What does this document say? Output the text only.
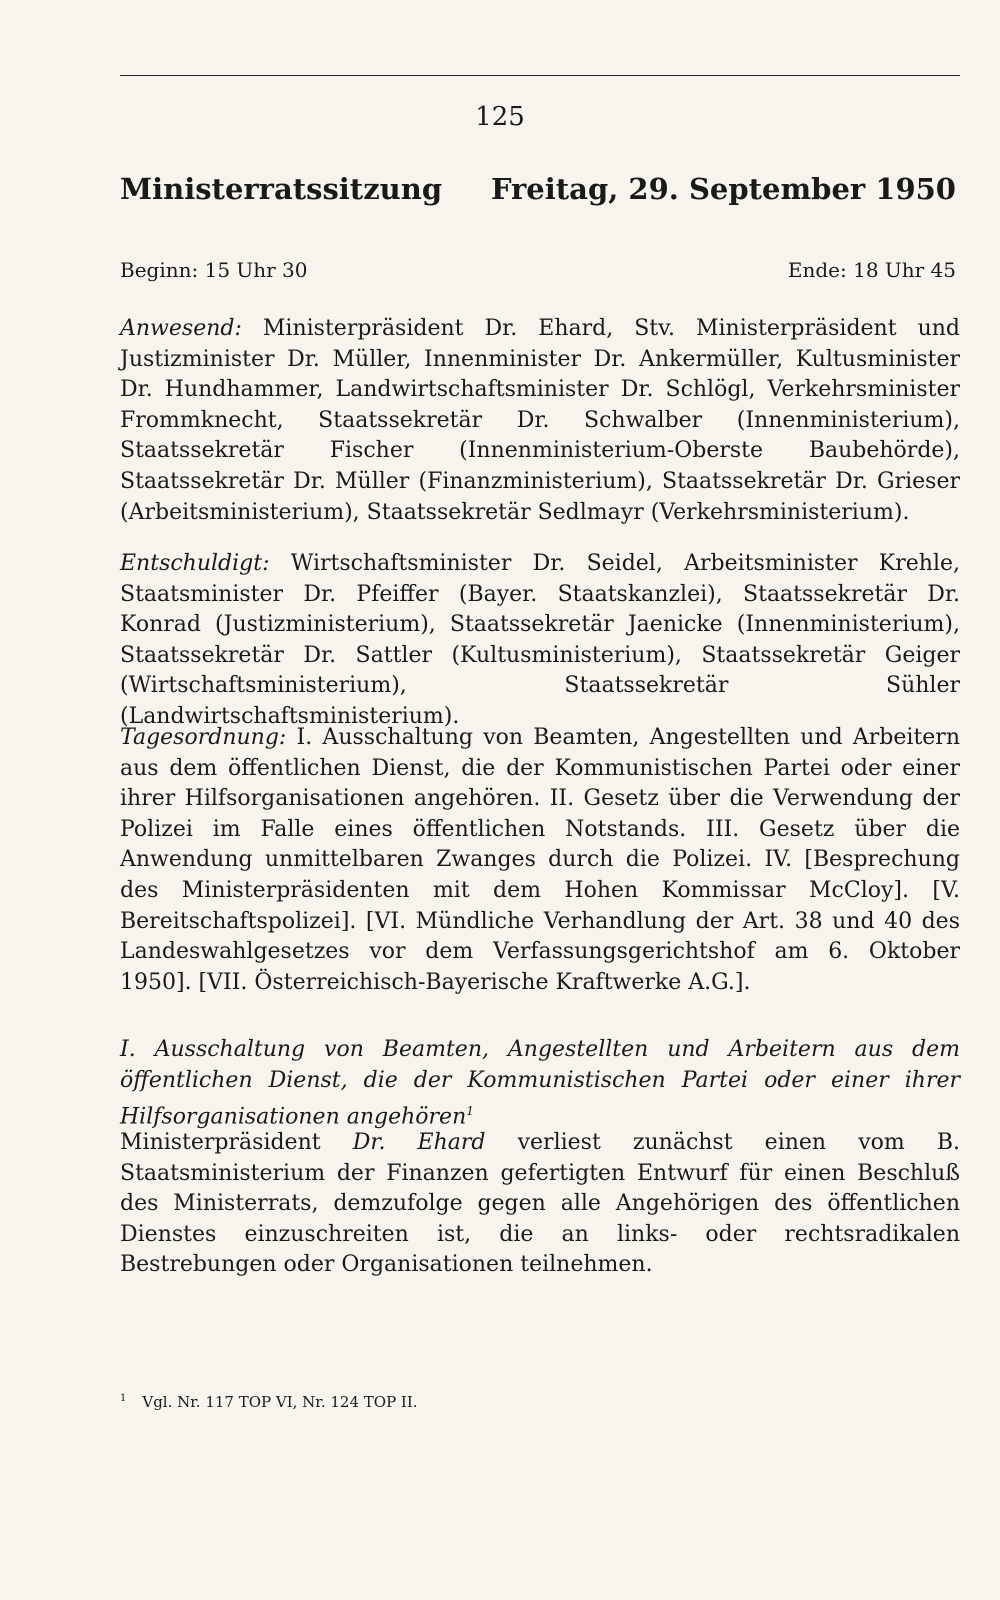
125
Ministerratssitzung Freitag, 29. September 1950
Beginn: 15 Uhr 30	Ende: 18 Uhr 45

Anwesend: Ministerpräsident Dr. Ehard, Stv. Ministerpräsident und Justizminister Dr. Müller, Innenminister Dr. Ankermüller, Kultusminister Dr. Hundhammer, Landwirtschaftsminister Dr. Schlögl, Verkehrsminister Frommknecht, Staatssekretär Dr. Schwalber (Innenministerium), Staatssekretär Fischer (Innenministerium-Oberste Baubehörde), Staatssekretär Dr. Müller (Finanzministerium), Staatssekretär Dr. Grieser (Arbeitsministerium), Staatssekretär Sedlmayr (Verkehrsministerium).

Entschuldigt: Wirtschaftsminister Dr. Seidel, Arbeitsminister Krehle, Staatsminister Dr. Pfeiffer (Bayer. Staatskanzlei), Staatssekretär Dr. Konrad (Justizministerium), Staatssekretär Jaenicke (Innenministerium), Staatssekretär Dr. Sattler (Kultusministerium), Staatssekretär Geiger (Wirtschaftsministerium), Staatssekretär Sühler (Landwirtschaftsministerium).

Tagesordnung: I. Ausschaltung von Beamten, Angestellten und Arbeitern aus dem öffentlichen Dienst, die der Kommunistischen Partei oder einer ihrer Hilfsorganisationen angehören. II. Gesetz über die Verwendung der Polizei im Falle eines öffentlichen Notstands. III. Gesetz über die Anwendung unmittelbaren Zwanges durch die Polizei. IV. [Besprechung des Ministerpräsidenten mit dem Hohen Kommissar McCloy]. [V. Bereitschaftspolizei]. [VI. Mündliche Verhandlung der Art. 38 und 40 des Landeswahlgesetzes vor dem Verfassungsgerichtshof am 6. Oktober 1950]. [VII. Österreichisch-Bayerische Kraftwerke A.G.].

I. Ausschaltung von Beamten, Angestellten und Arbeitern aus dem öffentlichen Dienst, die der Kommunistischen Partei oder einer ihrer Hilfsorganisationen angehören$^1$

Ministerpräsident Dr. Ehard verliest zunächst einen vom B. Staatsministerium der Finanzen gefertigten Entwurf für einen Beschluß des Ministerrats, demzufolge gegen alle Angehörigen des öffentlichen Dienstes einzuschreiten ist, die an links- oder rechtsradikalen Bestrebungen oder Organisationen teilnehmen.

$^1$ Vgl. Nr. 117 TOP VI, Nr. 124 TOP II.
